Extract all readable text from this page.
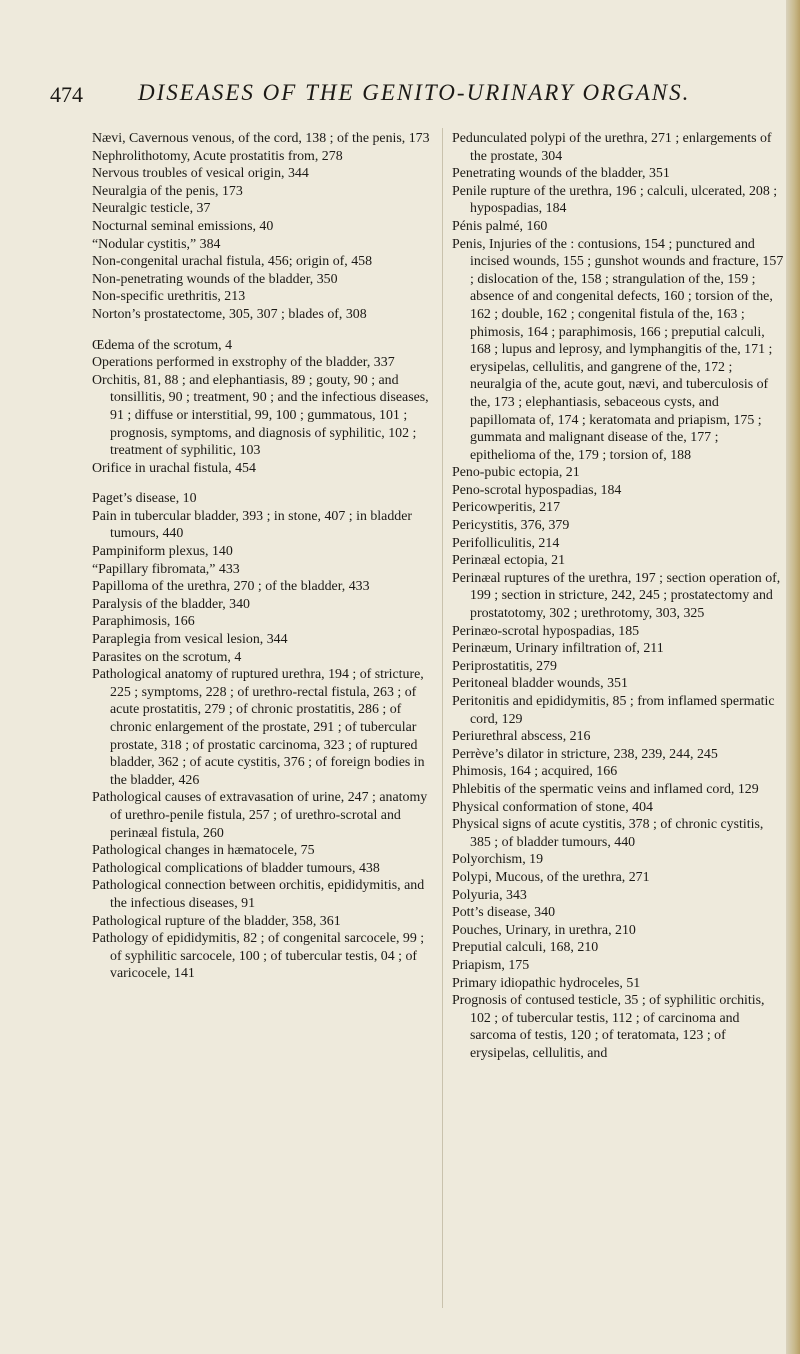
474 DISEASES OF THE GENITO-URINARY ORGANS.

Nævi, Cavernous venous, of the cord, 138 ; of the penis, 173

Nephrolithotomy, Acute prostatitis from, 278

Nervous troubles of vesical origin, 344

Neuralgia of the penis, 173

Neuralgic testicle, 37

Nocturnal seminal emissions, 40

“Nodular cystitis,” 384

Non-congenital urachal fistula, 456; origin of, 458

Non-penetrating wounds of the bladder, 350

Non-specific urethritis, 213

Norton’s prostatectome, 305, 307 ; blades of, 308

Œdema of the scrotum, 4

Operations performed in exstrophy of the bladder, 337

Orchitis, 81, 88 ; and elephantiasis, 89 ; gouty, 90 ; and tonsillitis, 90 ; treatment, 90 ; and the infectious diseases, 91 ; diffuse or interstitial, 99, 100 ; gummatous, 101 ; prognosis, symptoms, and diagnosis of syphilitic, 102 ; treatment of syphilitic, 103

Orifice in urachal fistula, 454

Paget’s disease, 10

Pain in tubercular bladder, 393 ; in stone, 407 ; in bladder tumours, 440

Pampiniform plexus, 140

“Papillary fibromata,” 433

Papilloma of the urethra, 270 ; of the bladder, 433

Paralysis of the bladder, 340

Paraphimosis, 166

Paraplegia from vesical lesion, 344

Parasites on the scrotum, 4

Pathological anatomy of ruptured urethra, 194 ; of stricture, 225 ; symptoms, 228 ; of urethro-rectal fistula, 263 ; of acute prostatitis, 279 ; of chronic prostatitis, 286 ; of chronic enlargement of the prostate, 291 ; of tubercular prostate, 318 ; of prostatic carcinoma, 323 ; of ruptured bladder, 362 ; of acute cystitis, 376 ; of foreign bodies in the bladder, 426

Pathological causes of extravasation of urine, 247 ; anatomy of urethro-penile fistula, 257 ; of urethro-scrotal and perinæal fistula, 260

Pathological changes in hæmatocele, 75

Pathological complications of bladder tumours, 438

Pathological connection between orchitis, epididymitis, and the infectious diseases, 91

Pathological rupture of the bladder, 358, 361

Pathology of epididymitis, 82 ; of congenital sarcocele, 99 ; of syphilitic sarcocele, 100 ; of tubercular testis, 04 ; of varicocele, 141

Pedunculated polypi of the urethra, 271 ; enlargements of the prostate, 304

Penetrating wounds of the bladder, 351

Penile rupture of the urethra, 196 ; calculi, ulcerated, 208 ; hypospadias, 184

Pénis palmé, 160

Penis, Injuries of the : contusions, 154 ; punctured and incised wounds, 155 ; gunshot wounds and fracture, 157 ; dislocation of the, 158 ; strangulation of the, 159 ; absence of and congenital defects, 160 ; torsion of the, 162 ; double, 162 ; congenital fistula of the, 163 ; phimosis, 164 ; paraphimosis, 166 ; preputial calculi, 168 ; lupus and leprosy, and lymphangitis of the, 171 ; erysipelas, cellulitis, and gangrene of the, 172 ; neuralgia of the, acute gout, nævi, and tuberculosis of the, 173 ; elephantiasis, sebaceous cysts, and papillomata of, 174 ; keratomata and priapism, 175 ; gummata and malignant disease of the, 177 ; epithelioma of the, 179 ; torsion of, 188

Peno-pubic ectopia, 21

Peno-scrotal hypospadias, 184

Pericowperitis, 217

Pericystitis, 376, 379

Perifolliculitis, 214

Perinæal ectopia, 21

Perinæal ruptures of the urethra, 197 ; section operation of, 199 ; section in stricture, 242, 245 ; prostatectomy and prostatotomy, 302 ; urethrotomy, 303, 325

Perinæo-scrotal hypospadias, 185

Perinæum, Urinary infiltration of, 211

Periprostatitis, 279

Peritoneal bladder wounds, 351

Peritonitis and epididymitis, 85 ; from inflamed spermatic cord, 129

Periurethral abscess, 216

Perrève’s dilator in stricture, 238, 239, 244, 245

Phimosis, 164 ; acquired, 166

Phlebitis of the spermatic veins and inflamed cord, 129

Physical conformation of stone, 404

Physical signs of acute cystitis, 378 ; of chronic cystitis, 385 ; of bladder tumours, 440

Polyorchism, 19

Polypi, Mucous, of the urethra, 271

Polyuria, 343

Pott’s disease, 340

Pouches, Urinary, in urethra, 210

Preputial calculi, 168, 210

Priapism, 175

Primary idiopathic hydroceles, 51

Prognosis of contused testicle, 35 ; of syphilitic orchitis, 102 ; of tubercular testis, 112 ; of carcinoma and sarcoma of testis, 120 ; of teratomata, 123 ; of erysipelas, cellulitis, and
